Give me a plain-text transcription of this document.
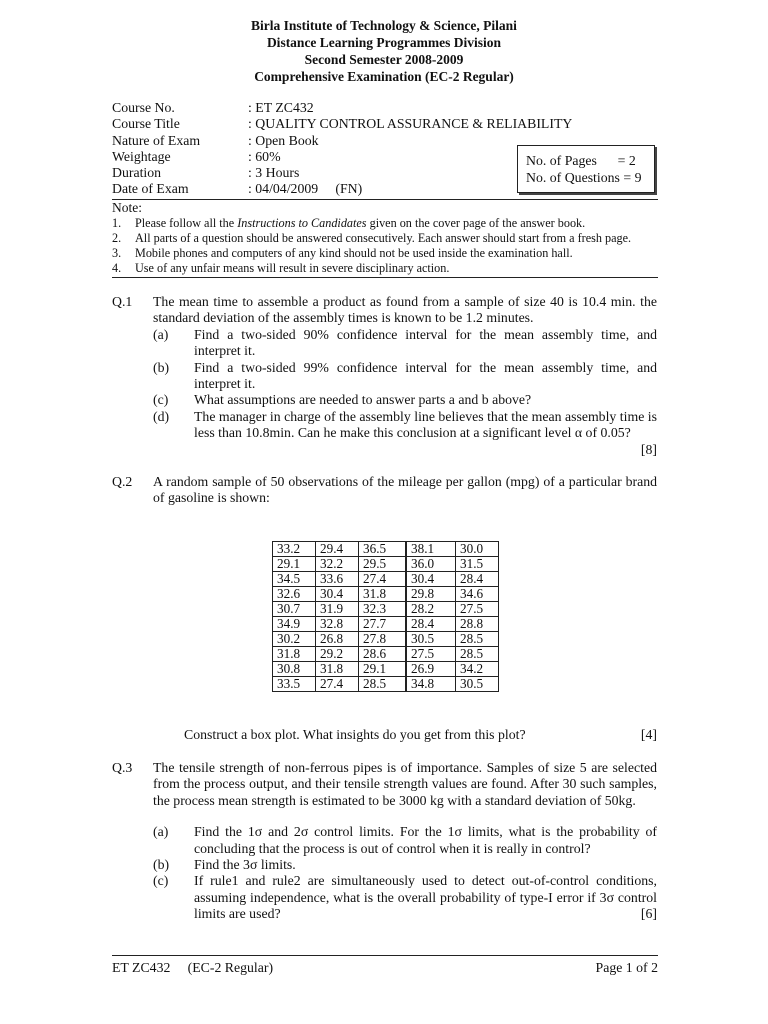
Birla Institute of Technology & Science, Pilani
Distance Learning Programmes Division
Second Semester 2008-2009
Comprehensive Examination (EC-2 Regular)
Course No.	: ET ZC432
Course Title	: QUALITY CONTROL ASSURANCE & RELIABILITY
Nature of Exam	: Open Book
Weightage	: 60%
Duration	: 3 Hours
Date of Exam	: 04/04/2009     (FN)
No. of Pages      = 2
No. of Questions = 9
Note:
1.	Please follow all the Instructions to Candidates given on the cover page of the answer book.
2.	All parts of a question should be answered consecutively. Each answer should start from a fresh page.
3.	Mobile phones and computers of any kind should not be used inside the examination hall.
4.	Use of any unfair means will result in severe disciplinary action.
Q.1	The mean time to assemble a product as found from a sample of size 40 is 10.4 min. the standard deviation of the assembly times is known to be 1.2 minutes.
(a)	Find a two-sided 90% confidence interval for the mean assembly time, and interpret it.
(b)	Find a two-sided 99% confidence interval for the mean assembly time, and interpret it.
(c)	What assumptions are needed to answer parts a and b above?
(d)	The manager in charge of the assembly line believes that the mean assembly time is less than 10.8min. Can he make this conclusion at a significant level α of 0.05?
[8]
Q.2	A random sample of 50 observations of the mileage per gallon (mpg) of a particular brand of gasoline is shown:
33.2	29.4	36.5	38.1	30.0
29.1	32.2	29.5	36.0	31.5
34.5	33.6	27.4	30.4	28.4
32.6	30.4	31.8	29.8	34.6
30.7	31.9	32.3	28.2	27.5
34.9	32.8	27.7	28.4	28.8
30.2	26.8	27.8	30.5	28.5
31.8	29.2	28.6	27.5	28.5
30.8	31.8	29.1	26.9	34.2
33.5	27.4	28.5	34.8	30.5
Construct a box plot. What insights do you get from this plot?	[4]
Q.3	The tensile strength of non-ferrous pipes is of importance. Samples of size 5 are selected from the process output, and their tensile strength values are found. After 30 such samples, the process mean strength is estimated to be 3000 kg with a standard deviation of 50kg.
(a)	Find the 1σ and 2σ control limits. For the 1σ limits, what is the probability of concluding that the process is out of control when it is really in control?
(b)	Find the 3σ limits.
(c)	If rule1 and rule2 are simultaneously used to detect out-of-control conditions, assuming independence, what is the overall probability of type-I error if 3σ control limits are used?	[6]
ET ZC432     (EC-2 Regular)	Page 1 of 2
